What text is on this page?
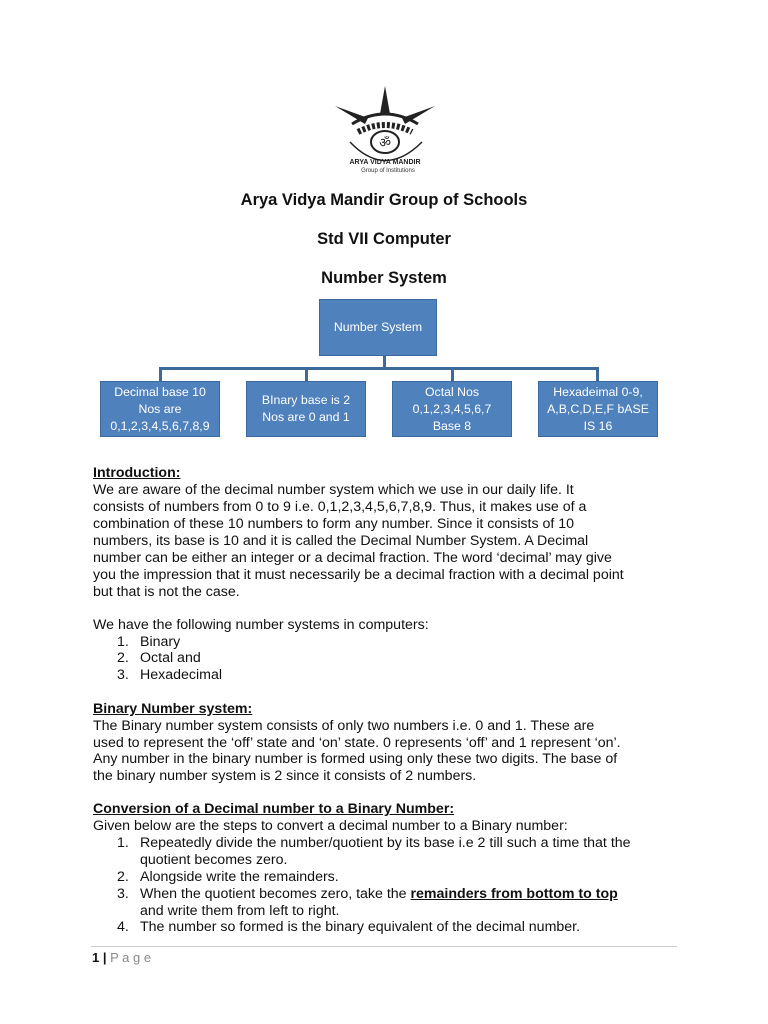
ॐ
ARYA VIDYA MANDIR
Group of Institutions
Arya Vidya Mandir Group of Schools
Std VII Computer
Number System
Number System
Decimal base 10
Nos are
0,1,2,3,4,5,6,7,8,9
BInary base is 2
Nos are 0 and 1
Octal Nos
0,1,2,3,4,5,6,7
Base 8
Hexadeimal 0-9,
A,B,C,D,E,F bASE
IS 16
Introduction:
We are aware of the decimal number system which we use in our daily life. It
consists of numbers from 0 to 9 i.e. 0,1,2,3,4,5,6,7,8,9. Thus, it makes use of a
combination of these 10 numbers to form any number. Since it consists of 10
numbers, its base is 10 and it is called the Decimal Number System. A Decimal
number can be either an integer or a decimal fraction. The word ‘decimal’ may give
you the impression that it must necessarily be a decimal fraction with a decimal point
but that is not the case.
We have the following number systems in computers:
1. Binary
2. Octal and
3. Hexadecimal
Binary Number system:
The Binary number system consists of only two numbers i.e. 0 and 1. These are
used to represent the ‘off’ state and ‘on’ state. 0 represents ‘off’ and 1 represent ‘on’.
Any number in the binary number is formed using only these two digits. The base of
the binary number system is 2 since it consists of 2 numbers.
Conversion of a Decimal number to a Binary Number:
Given below are the steps to convert a decimal number to a Binary number:
1. Repeatedly divide the number/quotient by its base i.e 2 till such a time that the
quotient becomes zero.
2. Alongside write the remainders.
3. When the quotient becomes zero, take the remainders from bottom to top
and write them from left to right.
4. The number so formed is the binary equivalent of the decimal number.
1 | P a g e
